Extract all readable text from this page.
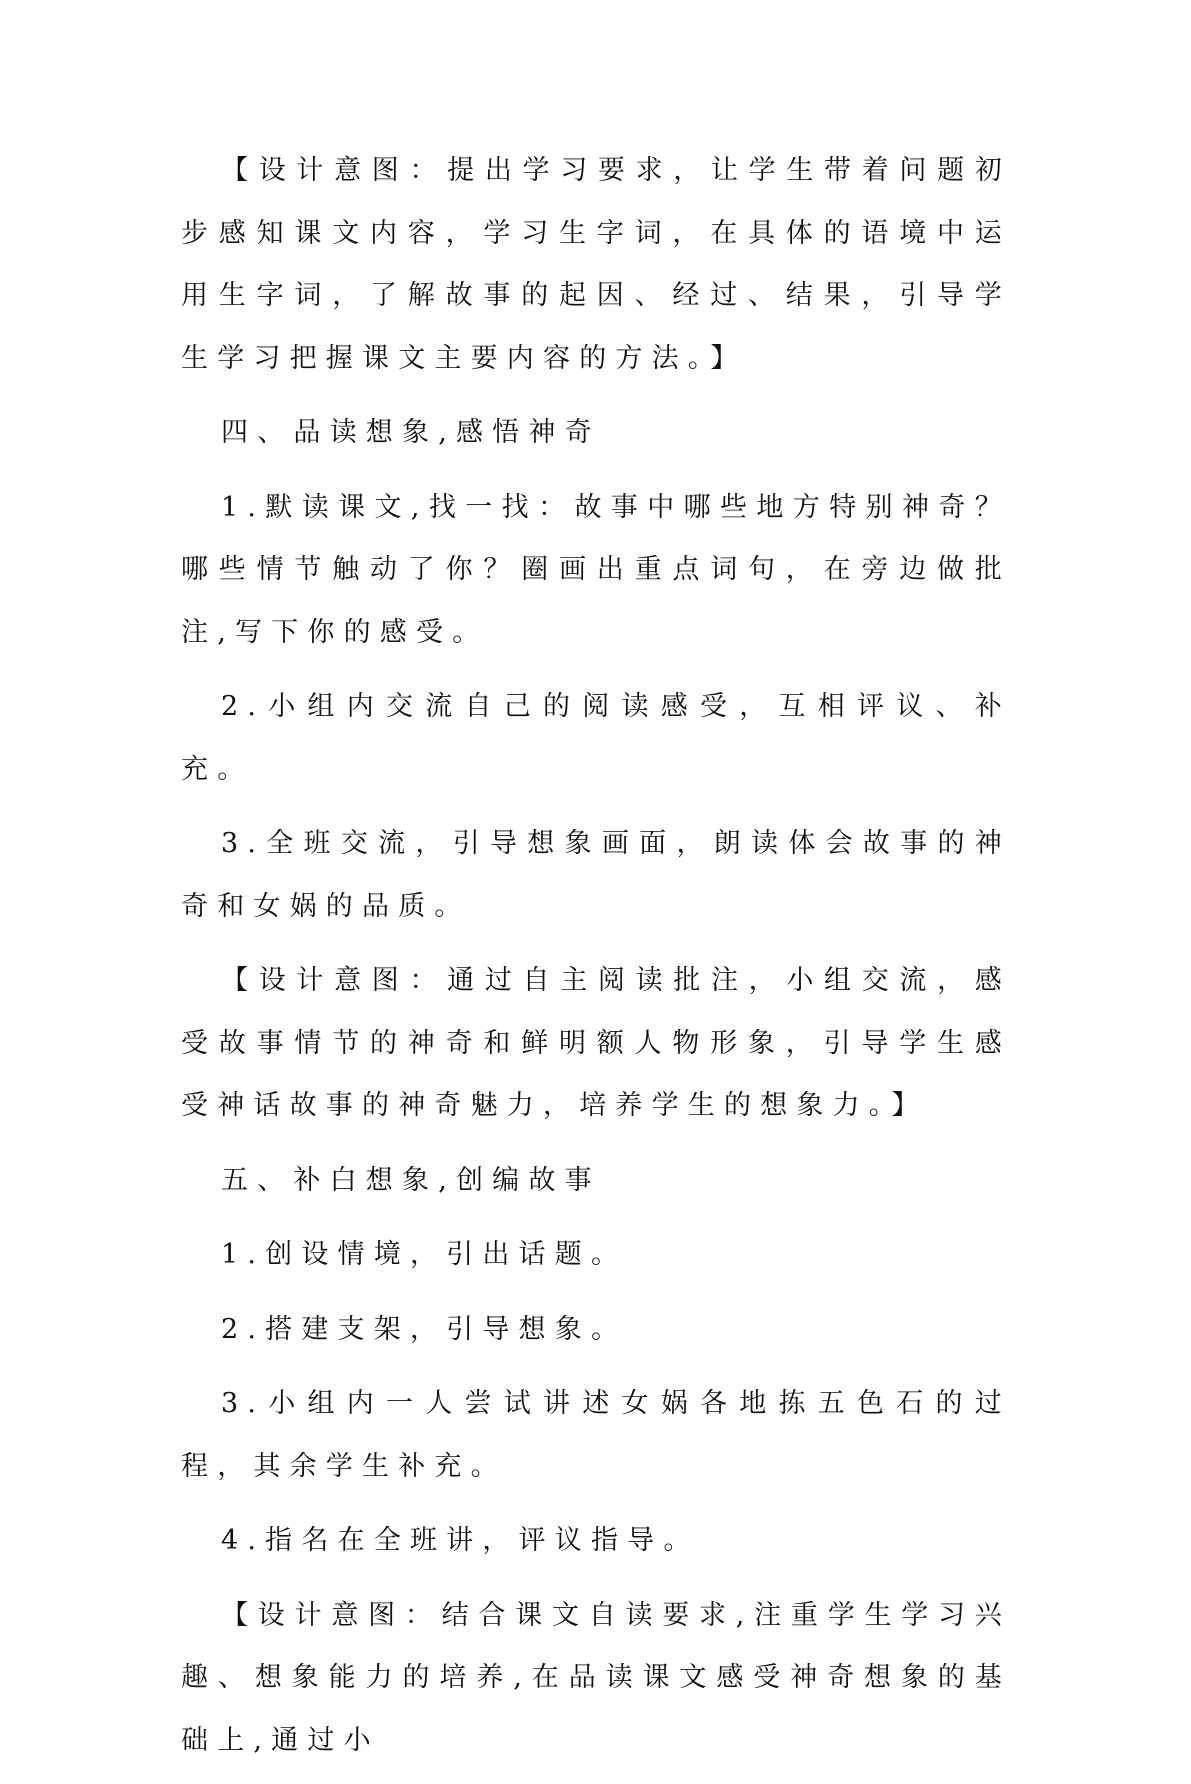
【设计意图：提出学习要求，让学生带着问题初步感知课文内容，学习生字词，在具体的语境中运用生字词，了解故事的起因、经过、结果，引导学生学习把握课文主要内容的方法。】

四、品读想象,感悟神奇

1.默读课文,找一找：故事中哪些地方特别神奇？哪些情节触动了你？圈画出重点词句，在旁边做批注,写下你的感受。

2.小组内交流自己的阅读感受，互相评议、补充。

3.全班交流，引导想象画面，朗读体会故事的神奇和女娲的品质。

【设计意图：通过自主阅读批注，小组交流，感受故事情节的神奇和鲜明额人物形象，引导学生感受神话故事的神奇魅力，培养学生的想象力。】

五、补白想象,创编故事

1.创设情境，引出话题。

2.搭建支架，引导想象。

3.小组内一人尝试讲述女娲各地拣五色石的过程，其余学生补充。

4.指名在全班讲，评议指导。

【设计意图：结合课文自读要求,注重学生学习兴趣、想象能力的培养,在品读课文感受神奇想象的基础上,通过小
